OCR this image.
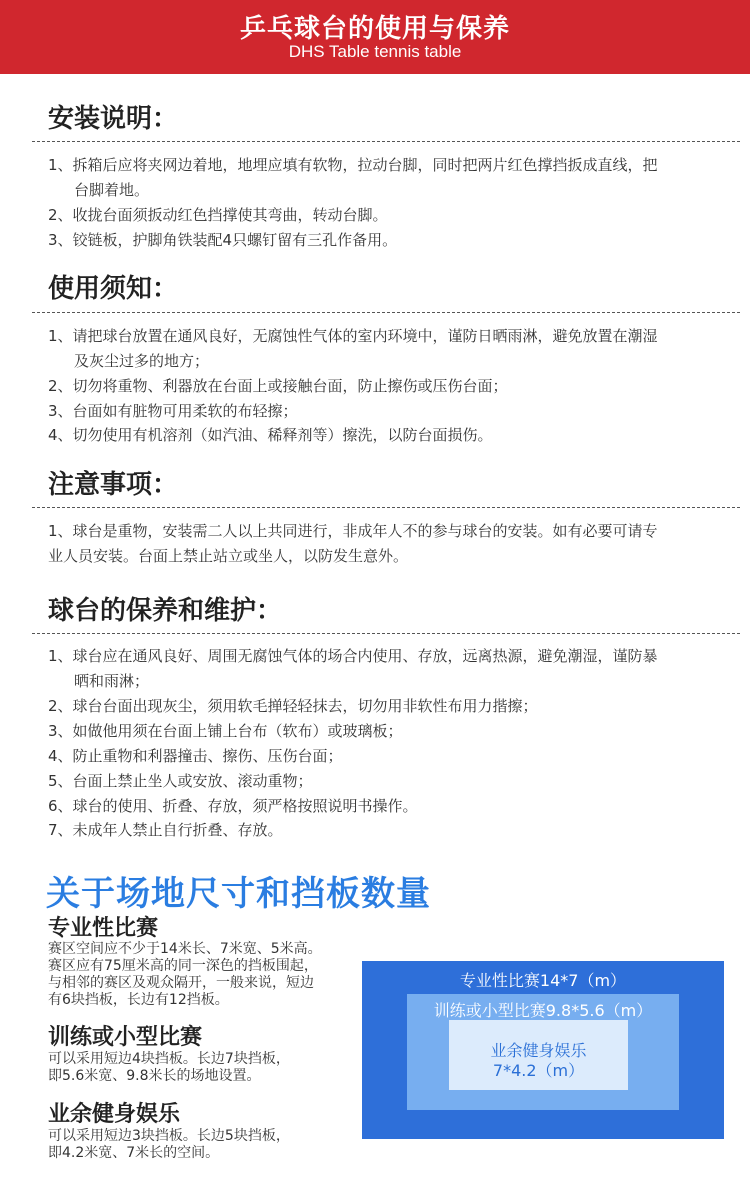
乒乓球台的使用与保养
DHS Table tennis table
安装说明：
1、拆箱后应将夹网边着地，地埋应填有软物，拉动台脚，同时把两片红色撑挡扳成直线，把
台脚着地。
2、收拢台面须扳动红色挡撑使其弯曲，转动台脚。
3、铰链板，护脚角铁装配4只螺钉留有三孔作备用。
使用须知：
1、请把球台放置在通风良好，无腐蚀性气体的室内环境中，谨防日晒雨淋，避免放置在潮湿
及灰尘过多的地方；
2、切勿将重物、利器放在台面上或接触台面，防止擦伤或压伤台面；
3、台面如有脏物可用柔软的布轻擦；
4、切勿使用有机溶剂（如汽油、稀释剂等）擦洗，以防台面损伤。
注意事项：
1、球台是重物，安装需二人以上共同进行，非成年人不的参与球台的安装。如有必要可请专
业人员安装。台面上禁止站立或坐人，以防发生意外。
球台的保养和维护：
1、球台应在通风良好、周围无腐蚀气体的场合内使用、存放，远离热源，避免潮湿，谨防暴
晒和雨淋；
2、球台台面出现灰尘，须用软毛掸轻轻抹去，切勿用非软性布用力揩擦；
3、如做他用须在台面上铺上台布（软布）或玻璃板；
4、防止重物和利器撞击、擦伤、压伤台面；
5、台面上禁止坐人或安放、滚动重物；
6、球台的使用、折叠、存放，须严格按照说明书操作。
7、未成年人禁止自行折叠、存放。
关于场地尺寸和挡板数量
专业性比赛
赛区空间应不少于14米长、7米宽、5米高。
赛区应有75厘米高的同一深色的挡板围起，
与相邻的赛区及观众隔开，一般来说，短边
有6块挡板，长边有12挡板。
训练或小型比赛
可以采用短边4块挡板。长边7块挡板，
即5.6米宽、9.8米长的场地设置。
业余健身娱乐
可以采用短边3块挡板。长边5块挡板，
即4.2米宽、7米长的空间。
专业性比赛14*7（m）
训练或小型比赛9.8*5.6（m）
业余健身娱乐
7*4.2（m）
